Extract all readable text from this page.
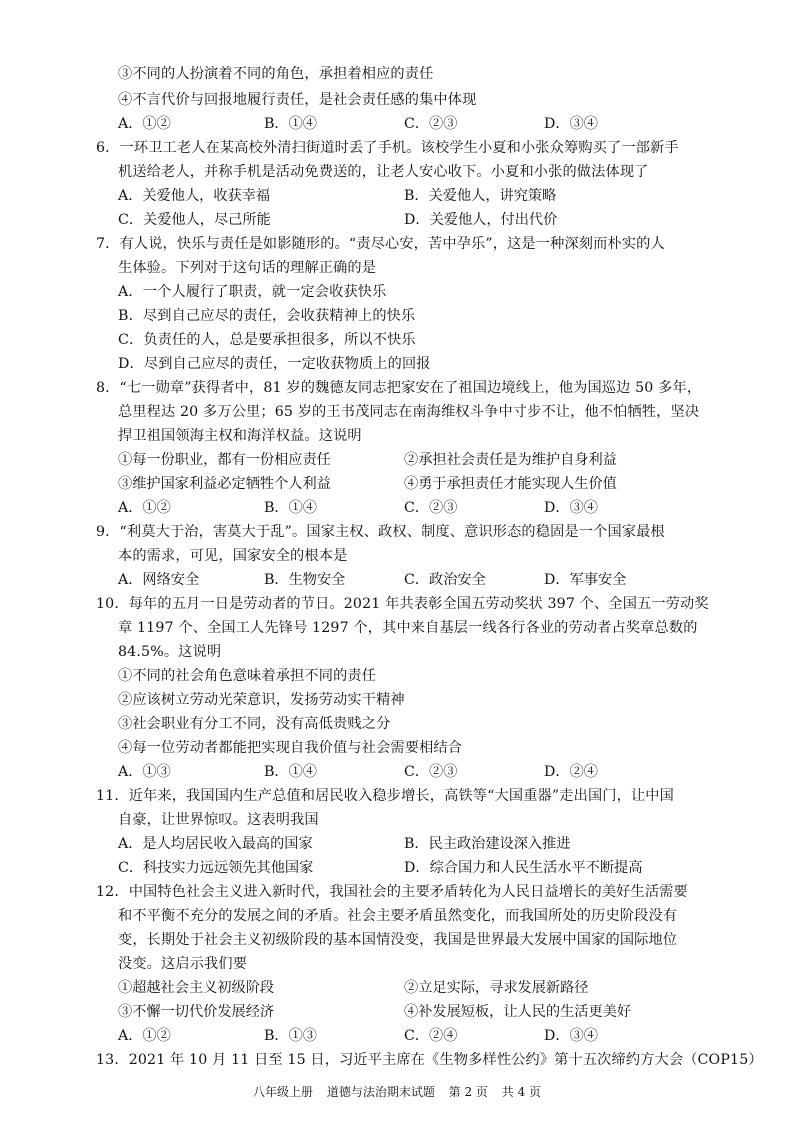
③不同的人扮演着不同的角色，承担着相应的责任
④不言代价与回报地履行责任，是社会责任感的集中体现
A．①②	B．①④	C．②③	D．③④
6．一环卫工老人在某高校外清扫街道时丢了手机。该校学生小夏和小张众筹购买了一部新手
机送给老人，并称手机是活动免费送的，让老人安心收下。小夏和小张的做法体现了
A．关爱他人，收获幸福	B．关爱他人，讲究策略
C．关爱他人，尽己所能	D．关爱他人，付出代价
7．有人说，快乐与责任是如影随形的。“责尽心安，苦中孕乐”，这是一种深刻而朴实的人
生体验。下列对于这句话的理解正确的是
A．一个人履行了职责，就一定会收获快乐
B．尽到自己应尽的责任，会收获精神上的快乐
C．负责任的人，总是要承担很多，所以不快乐
D．尽到自己应尽的责任，一定收获物质上的回报
8．“七一勋章”获得者中，81 岁的魏德友同志把家安在了祖国边境线上，他为国巡边 50 多年，
总里程达 20 多万公里；65 岁的王书茂同志在南海维权斗争中寸步不让，他不怕牺牲，坚决
捍卫祖国领海主权和海洋权益。这说明
①每一份职业，都有一份相应责任	②承担社会责任是为维护自身利益
③维护国家利益必定牺牲个人利益	④勇于承担责任才能实现人生价值
A．①②	B．①④	C．②③	D．③④
9．“利莫大于治，害莫大于乱”。国家主权、政权、制度、意识形态的稳固是一个国家最根
本的需求，可见，国家安全的根本是
A．网络安全	B．生物安全	C．政治安全	D．军事安全
10．每年的五月一日是劳动者的节日。2021 年共表彰全国五劳动奖状 397 个、全国五一劳动奖
章 1197 个、全国工人先锋号 1297 个，其中来自基层一线各行各业的劳动者占奖章总数的
84.5%。这说明
①不同的社会角色意味着承担不同的责任
②应该树立劳动光荣意识，发扬劳动实干精神
③社会职业有分工不同，没有高低贵贱之分
④每一位劳动者都能把实现自我价值与社会需要相结合
A．①③	B．①④	C．②③	D．②④
11．近年来，我国国内生产总值和居民收入稳步增长，高铁等“大国重器”走出国门，让中国
自豪，让世界惊叹。这表明我国
A．是人均居民收入最高的国家	B．民主政治建设深入推进
C．科技实力远远领先其他国家	D．综合国力和人民生活水平不断提高
12．中国特色社会主义进入新时代，我国社会的主要矛盾转化为人民日益增长的美好生活需要
和不平衡不充分的发展之间的矛盾。社会主要矛盾虽然变化，而我国所处的历史阶段没有
变，长期处于社会主义初级阶段的基本国情没变，我国是世界最大发展中国家的国际地位
没变。这启示我们要
①超越社会主义初级阶段	②立足实际，寻求发展新路径
③不懈一切代价发展经济	④补发展短板，让人民的生活更美好
A．①②	B．①③	C．②④	D．③④
13．2021 年 10 月 11 日至 15 日，习近平主席在《生物多样性公约》第十五次缔约方大会（COP15）
八年级上册 道德与法治期末试题 第 2 页 共 4 页
